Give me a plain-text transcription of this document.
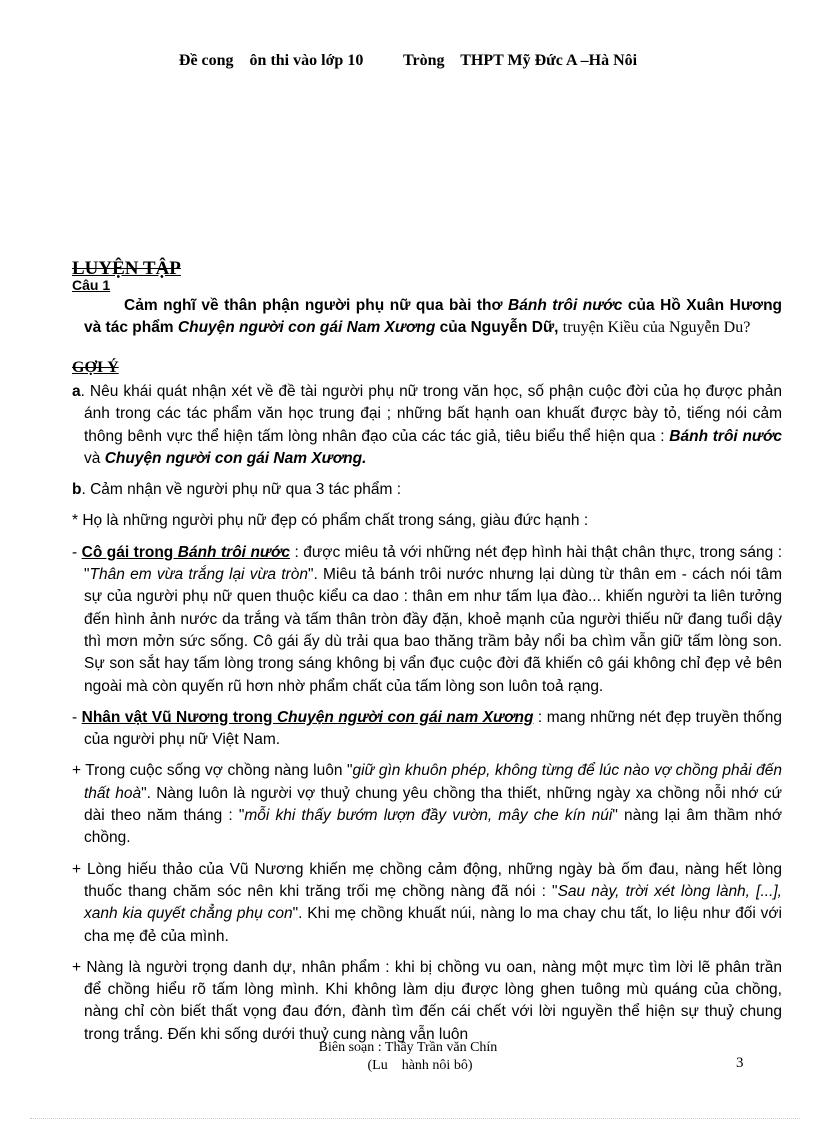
Đề cong    ôn thi vào lớp 10 Tròng    THPT Mỹ Đức A –Hà Nôi
LUYỆN TẬP
Câu 1
Cảm nghĩ về thân phận người phụ nữ qua bài thơ Bánh trôi nước của Hồ Xuân Hương và tác phẩm Chuyện người con gái Nam Xương của Nguyễn Dữ, truyện Kiều của Nguyễn Du?
GỢI Ý

a. Nêu khái quát nhận xét về đề tài người phụ nữ trong văn học, số phận cuộc đời của họ được phản ánh trong các tác phẩm văn học trung đại ; những bất hạnh oan khuất được bày tỏ, tiếng nói cảm thông bênh vực thể hiện tấm lòng nhân đạo của các tác giả, tiêu biểu thể hiện qua : Bánh trôi nước và Chuyện người con gái Nam Xương.

b. Cảm nhận về người phụ nữ qua 3 tác phẩm :

* Họ là những người phụ nữ đẹp có phẩm chất trong sáng, giàu đức hạnh :

- Cô gái trong Bánh trôi nước : được miêu tả với những nét đẹp hình hài thật chân thực, trong sáng : "Thân em vừa trắng lại vừa tròn". Miêu tả bánh trôi nước nhưng lại dùng từ thân em - cách nói tâm sự của người phụ nữ quen thuộc kiểu ca dao : thân em như tấm lụa đào... khiến người ta liên tưởng đến hình ảnh nước da trắng và tấm thân tròn đầy đặn, khoẻ mạnh của người thiếu nữ đang tuổi dậy thì mơn mởn sức sống. Cô gái ấy dù trải qua bao thăng trầm bảy nổi ba chìm vẫn giữ tấm lòng son. Sự son sắt hay tấm lòng trong sáng không bị vẩn đục cuộc đời đã khiến cô gái không chỉ đẹp vẻ bên ngoài mà còn quyến rũ hơn nhờ phẩm chất của tấm lòng son luôn toả rạng.

- Nhân vật Vũ Nương trong Chuyện người con gái nam Xương : mang những nét đẹp truyền thống của người phụ nữ Việt Nam.

+ Trong cuộc sống vợ chồng nàng luôn "giữ gìn khuôn phép, không từng để lúc nào vợ chồng phải đến thất hoà". Nàng luôn là người vợ thuỷ chung yêu chồng tha thiết, những ngày xa chồng nỗi nhớ cứ dài theo năm tháng : "mỗi khi thấy bướm lượn đầy vườn, mây che kín núi" nàng lại âm thầm nhớ chồng.

+ Lòng hiếu thảo của Vũ Nương khiến mẹ chồng cảm động, những ngày bà ốm đau, nàng hết lòng thuốc thang chăm sóc nên khi trăng trối mẹ chồng nàng đã nói : "Sau này, trời xét lòng lành, [...], xanh kia quyết chẳng phụ con". Khi mẹ chồng khuất núi, nàng lo ma chay chu tất, lo liệu như đối với cha mẹ đẻ của mình.

+ Nàng là người trọng danh dự, nhân phẩm : khi bị chồng vu oan, nàng một mực tìm lời lẽ phân trần để chồng hiểu rõ tấm lòng mình. Khi không làm dịu được lòng ghen tuông mù quáng của chồng, nàng chỉ còn biết thất vọng đau đớn, đành tìm đến cái chết với lời nguyền thể hiện sự thuỷ chung trong trắng. Đến khi sống dưới thuỷ cung nàng vẫn luôn

Biên soạn : Thầy Trần văn Chín
(Lu    hành nôi bô)	3
